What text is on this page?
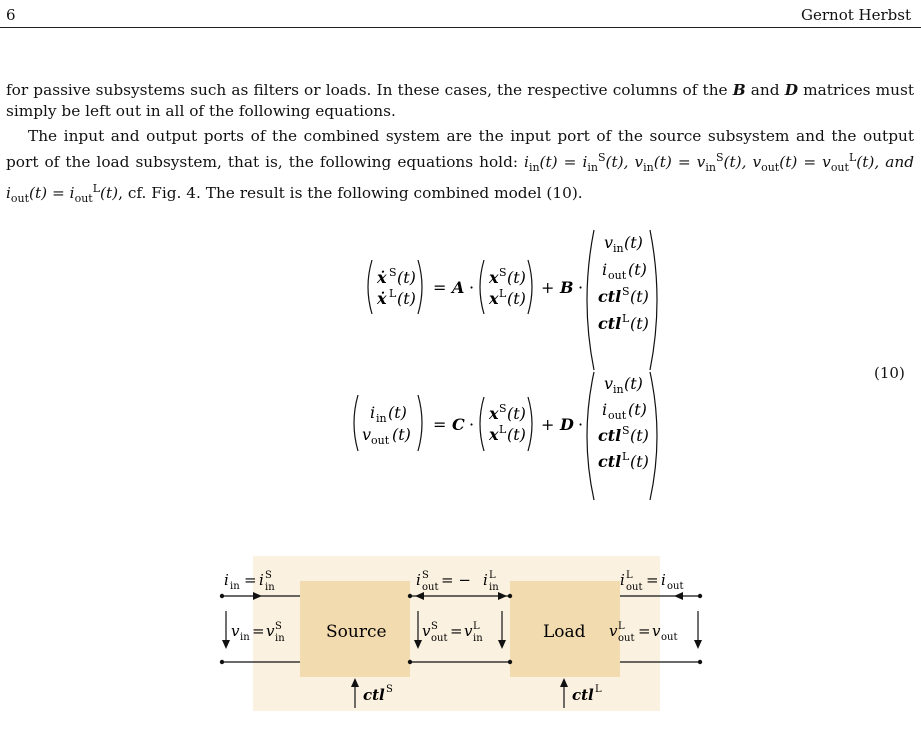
6	Gernot Herbst
for passive subsystems such as filters or loads. In these cases, the respective columns of the B and D matrices must simply be left out in all of the following equations.
The input and output ports of the combined system are the input port of the source subsystem and the output port of the load subsystem, that is, the following equations hold: $i_{in}(t) = i_{in}^S(t)$, $v_{in}(t) = v_{in}^S(t)$, $v_{out}(t) = v_{out}^L(t)$, and $i_{out}(t) = i_{out}^L(t)$, cf. Fig. 4. The result is the following combined model (10).
ẋ S (t)
ẋ L (t)
= A ·
x S (t)
x L (t)
+ B ·
v in (t)
i out (t)
ctl S (t)
ctl L (t)
i in (t)
v out (t)
= C ·
x S (t)
x L (t)
+ D ·
v in (t)
i out (t)
ctl S (t)
ctl L (t)
Source	Load
i in = i S
in	i S
out = − i L
in	i L
out = i out
v in = v S
in	v S
out = v L
in	v L
out = v out
ctl S	ctl L
(10)
